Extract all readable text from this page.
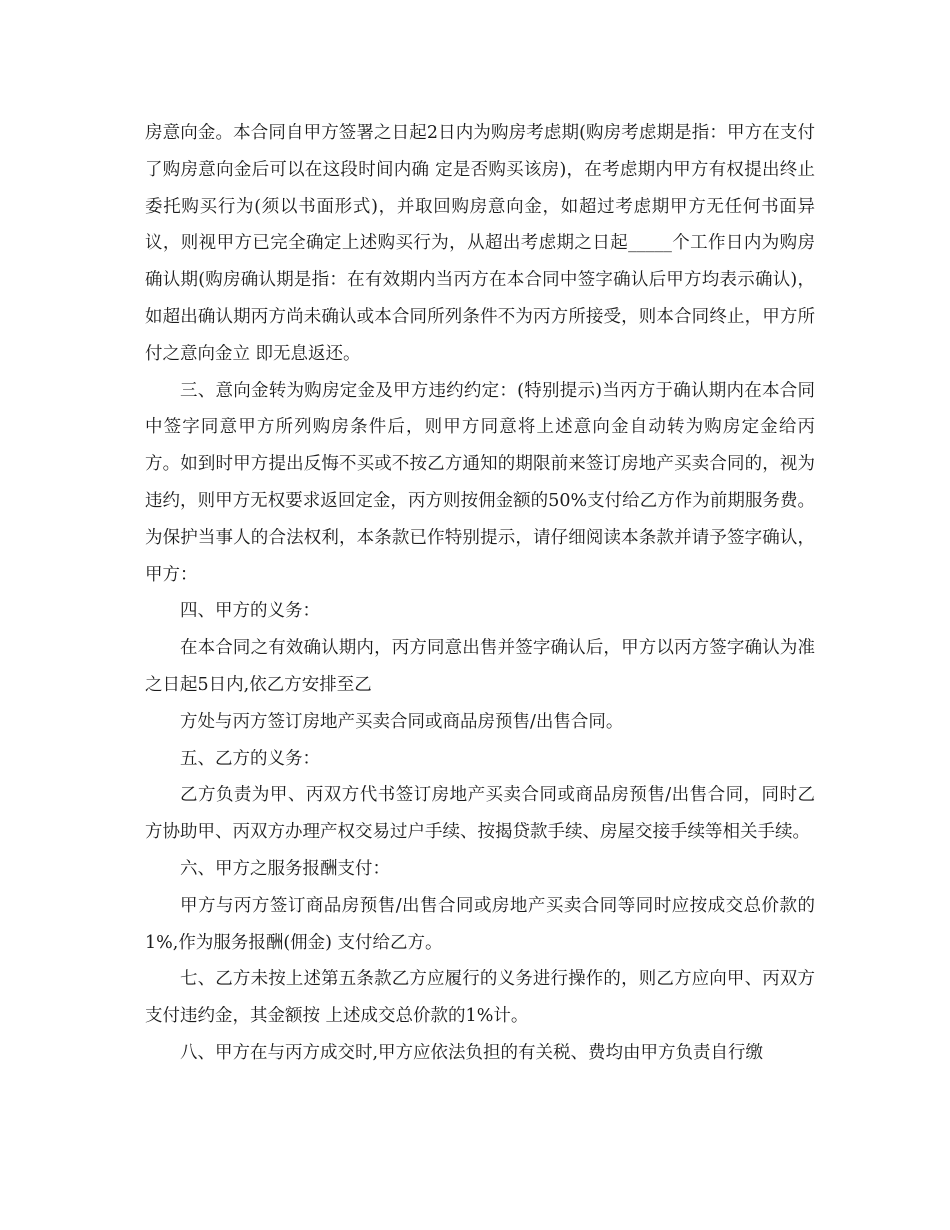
房意向金。本合同自甲方签署之日起2日内为购房考虑期(购房考虑期是指：甲方在支付了购房意向金后可以在这段时间内确 定是否购买该房)，在考虑期内甲方有权提出终止委托购买行为(须以书面形式)，并取回购房意向金，如超过考虑期甲方无任何书面异议，则视甲方已完全确定上述购买行为，从超出考虑期之日起_____个工作日内为购房确认期(购房确认期是指：在有效期内当丙方在本合同中签字确认后甲方均表示确认)，如超出确认期丙方尚未确认或本合同所列条件不为丙方所接受，则本合同终止，甲方所付之意向金立 即无息返还。

三、意向金转为购房定金及甲方违约约定：(特别提示)当丙方于确认期内在本合同中签字同意甲方所列购房条件后，则甲方同意将上述意向金自动转为购房定金给丙 方。如到时甲方提出反悔不买或不按乙方通知的期限前来签订房地产买卖合同的，视为违约，则甲方无权要求返回定金，丙方则按佣金额的50%支付给乙方作为前期服务费。为保护当事人的合法权利，本条款已作特别提示，请仔细阅读本条款并请予签字确认，甲方：

四、甲方的义务：

在本合同之有效确认期内，丙方同意出售并签字确认后，甲方以丙方签字确认为准之日起5日内,依乙方安排至乙

方处与丙方签订房地产买卖合同或商品房预售/出售合同。

五、乙方的义务：

乙方负责为甲、丙双方代书签订房地产买卖合同或商品房预售/出售合同，同时乙方协助甲、丙双方办理产权交易过户手续、按揭贷款手续、房屋交接手续等相关手续。

六、甲方之服务报酬支付：

甲方与丙方签订商品房预售/出售合同或房地产买卖合同等同时应按成交总价款的1%,作为服务报酬(佣金) 支付给乙方。

七、乙方未按上述第五条款乙方应履行的义务进行操作的，则乙方应向甲、丙双方支付违约金，其金额按 上述成交总价款的1%计。

八、甲方在与丙方成交时,甲方应依法负担的有关税、费均由甲方负责自行缴
